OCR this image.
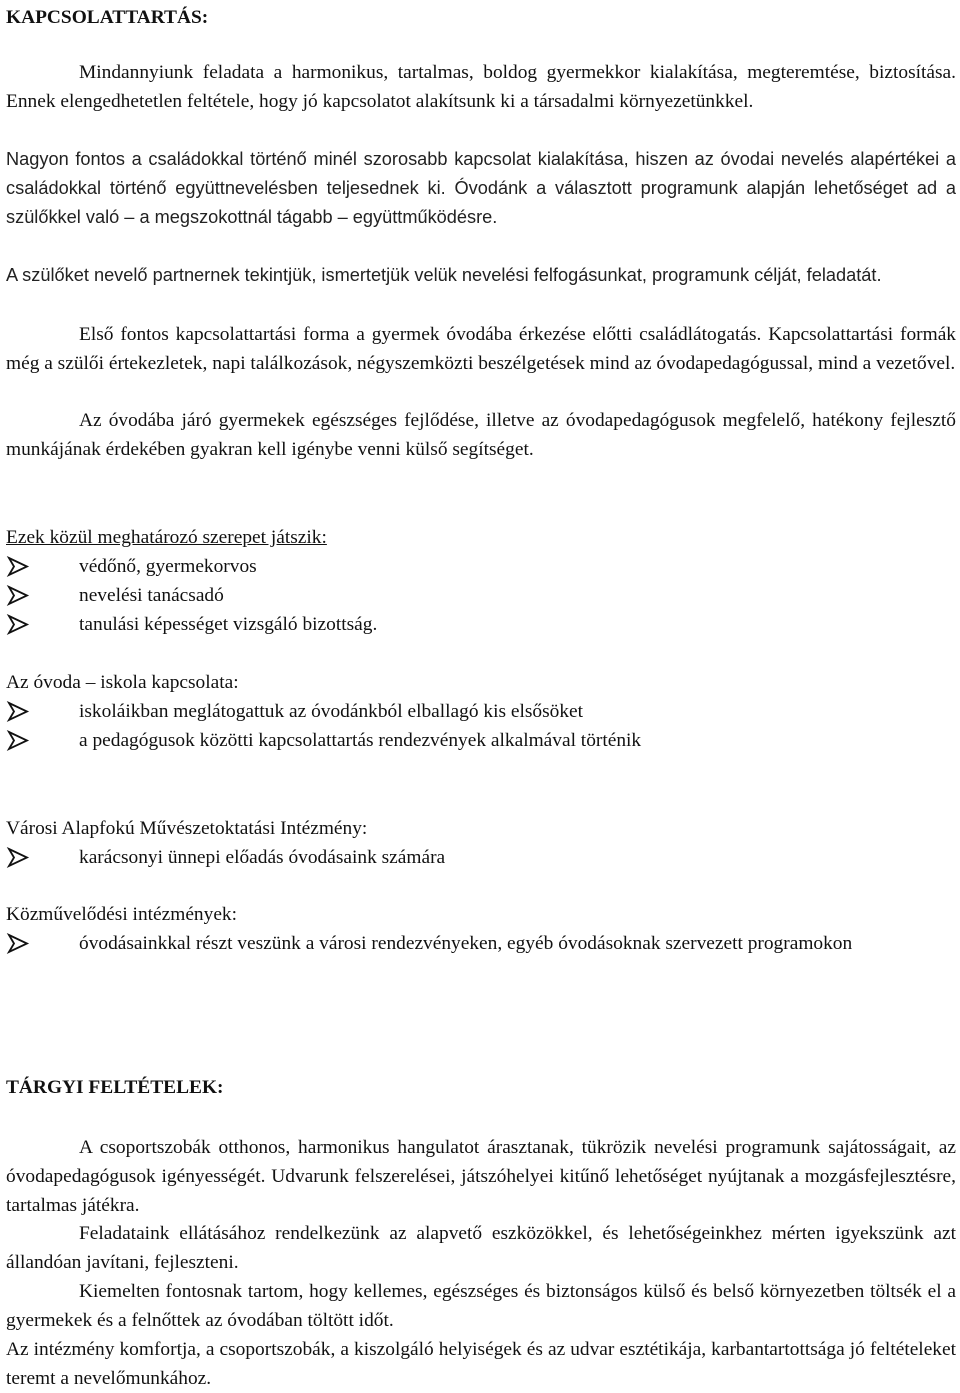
KAPCSOLATTARTÁS:

Mindannyiunk feladata a harmonikus, tartalmas, boldog gyermekkor kialakítása, megteremtése, biztosítása. Ennek elengedhetetlen feltétele, hogy jó kapcsolatot alakítsunk ki a társadalmi környezetünkkel.

Nagyon fontos a családokkal történő minél szorosabb kapcsolat kialakítása, hiszen az óvodai nevelés alapértékei a családokkal történő együttnevelésben teljesednek ki. Óvodánk a választott programunk alapján lehetőséget ad a szülőkkel való – a megszokottnál tágabb – együttműködésre.

A szülőket nevelő partnernek tekintjük, ismertetjük velük nevelési felfogásunkat, programunk célját, feladatát.

Első fontos kapcsolattartási forma a gyermek óvodába érkezése előtti családlátogatás. Kapcsolattartási formák még a szülői értekezletek, napi találkozások, négyszemközti beszélgetések mind az óvodapedagógussal, mind a vezetővel.

Az óvodába járó gyermekek egészséges fejlődése, illetve az óvodapedagógusok megfelelő, hatékony fejlesztő munkájának érdekében gyakran kell igénybe venni külső segítséget.

Ezek közül meghatározó szerepet játszik:

védőnő, gyermekorvos
nevelési tanácsadó
tanulási képességet vizsgáló bizottság.

Az óvoda – iskola kapcsolata:

iskoláikban meglátogattuk az óvodánkból elballagó kis elsősöket
a pedagógusok közötti kapcsolattartás rendezvények alkalmával történik

Városi Alapfokú Művészetoktatási Intézmény:

karácsonyi ünnepi előadás óvodásaink számára

Közművelődési intézmények:

óvodásainkkal részt veszünk a városi rendezvényeken, egyéb óvodásoknak szervezett programokon
TÁRGYI FELTÉTELEK:

A csoportszobák otthonos, harmonikus hangulatot árasztanak, tükrözik nevelési programunk sajátosságait, az óvodapedagógusok igényességét. Udvarunk felszerelései, játszóhelyei kitűnő lehetőséget nyújtanak a mozgásfejlesztésre, tartalmas játékra.

Feladataink ellátásához rendelkezünk az alapvető eszközökkel, és lehetőségeinkhez mérten igyekszünk azt állandóan javítani, fejleszteni.

Kiemelten fontosnak tartom, hogy kellemes, egészséges és biztonságos külső és belső környezetben töltsék el a gyermekek és a felnőttek az óvodában töltött időt.

Az intézmény komfortja, a csoportszobák, a kiszolgáló helyiségek és az udvar esztétikája, karbantartottsága jó feltételeket teremt a nevelőmunkához.
